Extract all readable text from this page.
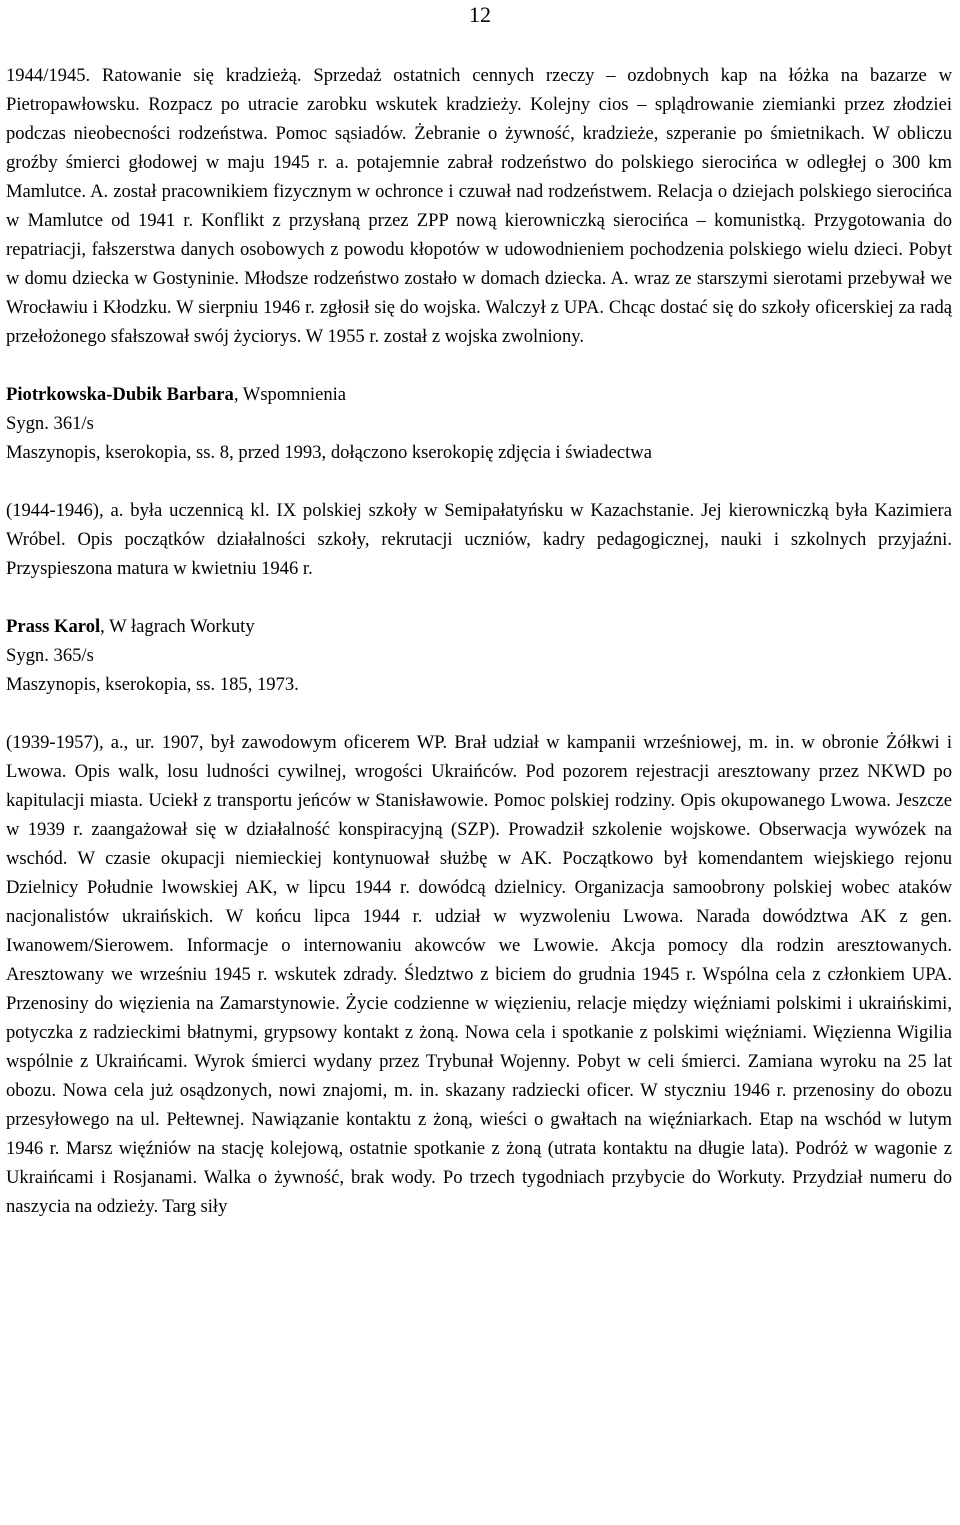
12

1944/1945. Ratowanie się kradzieżą. Sprzedaż ostatnich cennych rzeczy – ozdobnych kap na łóżka na bazarze w Pietropawłowsku. Rozpacz po utracie zarobku wskutek kradzieży. Kolejny cios – splądrowanie ziemianki przez złodziei podczas nieobecności rodzeństwa. Pomoc sąsiadów. Żebranie o żywność, kradzieże, szperanie po śmietnikach. W obliczu groźby śmierci głodowej w maju 1945 r. a. potajemnie zabrał rodzeństwo do polskiego sierocińca w odległej o 300 km Mamlutce. A. został pracownikiem fizycznym w ochronce i czuwał nad rodzeństwem. Relacja o dziejach polskiego sierocińca w Mamlutce od 1941 r. Konflikt z przysłaną przez ZPP nową kierowniczką sierocińca – komunistką. Przygotowania do repatriacji, fałszerstwa danych osobowych z powodu kłopotów w udowodnieniem pochodzenia polskiego wielu dzieci. Pobyt w domu dziecka w Gostyninie. Młodsze rodzeństwo zostało w domach dziecka. A. wraz ze starszymi sierotami przebywał we Wrocławiu i Kłodzku. W sierpniu 1946 r. zgłosił się do wojska. Walczył z UPA. Chcąc dostać się do szkoły oficerskiej za radą przełożonego sfałszował swój życiorys. W 1955 r. został z wojska zwolniony.

Piotrkowska-Dubik Barbara, Wspomnienia

Sygn. 361/s

Maszynopis, kserokopia, ss. 8, przed 1993, dołączono kserokopię zdjęcia i świadectwa

(1944-1946), a. była uczennicą kl. IX polskiej szkoły w Semipałatyńsku w Kazachstanie. Jej kierowniczką była Kazimiera Wróbel. Opis początków działalności szkoły, rekrutacji uczniów, kadry pedagogicznej, nauki i szkolnych przyjaźni. Przyspieszona matura w kwietniu 1946 r.

Prass Karol, W łagrach Workuty

Sygn. 365/s

Maszynopis, kserokopia, ss. 185, 1973.

(1939-1957), a., ur. 1907, był zawodowym oficerem WP. Brał udział w kampanii wrześniowej, m. in. w obronie Żółkwi i Lwowa. Opis walk, losu ludności cywilnej, wrogości Ukraińców. Pod pozorem rejestracji aresztowany przez NKWD po kapitulacji miasta. Uciekł z transportu jeńców w Stanisławowie. Pomoc polskiej rodziny. Opis okupowanego Lwowa. Jeszcze w 1939 r. zaangażował się w działalność konspiracyjną (SZP). Prowadził szkolenie wojskowe. Obserwacja wywózek na wschód. W czasie okupacji niemieckiej kontynuował służbę w AK. Początkowo był komendantem wiejskiego rejonu Dzielnicy Południe lwowskiej AK, w lipcu 1944 r. dowódcą dzielnicy. Organizacja samoobrony polskiej wobec ataków nacjonalistów ukraińskich. W końcu lipca 1944 r. udział w wyzwoleniu Lwowa. Narada dowództwa AK z gen. Iwanowem/Sierowem. Informacje o internowaniu akowców we Lwowie. Akcja pomocy dla rodzin aresztowanych. Aresztowany we wrześniu 1945 r. wskutek zdrady. Śledztwo z biciem do grudnia 1945 r. Wspólna cela z członkiem UPA. Przenosiny do więzienia na Zamarstynowie. Życie codzienne w więzieniu, relacje między więźniami polskimi i ukraińskimi, potyczka z radzieckimi błatnymi, grypsowy kontakt z żoną. Nowa cela i spotkanie z polskimi więźniami. Więzienna Wigilia wspólnie z Ukraińcami. Wyrok śmierci wydany przez Trybunał Wojenny. Pobyt w celi śmierci. Zamiana wyroku na 25 lat obozu. Nowa cela już osądzonych, nowi znajomi, m. in. skazany radziecki oficer. W styczniu 1946 r. przenosiny do obozu przesyłowego na ul. Pełtewnej. Nawiązanie kontaktu z żoną, wieści o gwałtach na więźniarkach. Etap na wschód w lutym 1946 r. Marsz więźniów na stację kolejową, ostatnie spotkanie z żoną (utrata kontaktu na długie lata). Podróż w wagonie z Ukraińcami i Rosjanami. Walka o żywność, brak wody. Po trzech tygodniach przybycie do Workuty. Przydział numeru do naszycia na odzieży. Targ siły
